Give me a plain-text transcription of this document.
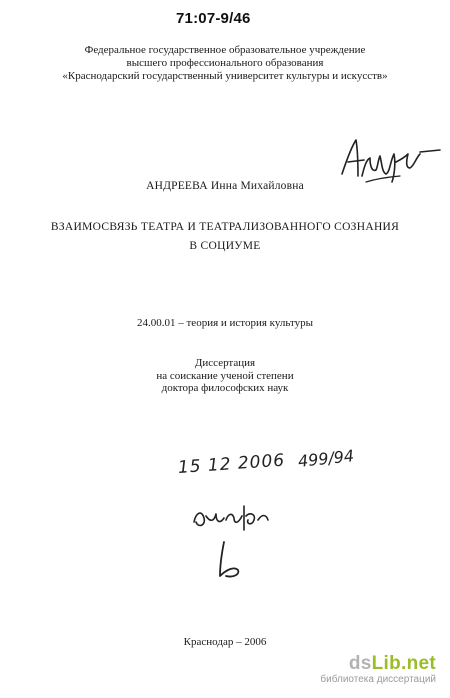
71:07-9/46
Федеральное государственное образовательное учреждение
высшего профессионального образования
«Краснодарский государственный университет культуры и искусств»
АНДРЕЕВА Инна Михайловна
ВЗАИМОСВЯЗЬ ТЕАТРА И ТЕАТРАЛИЗОВАННОГО СОЗНАНИЯ
В СОЦИУМЕ
24.00.01 – теория и история культуры
Диссертация
на соискание ученой степени
доктора философских наук
15 12 2006 499/94
Краснодар – 2006
dsLib.net
библиотека диссертаций
